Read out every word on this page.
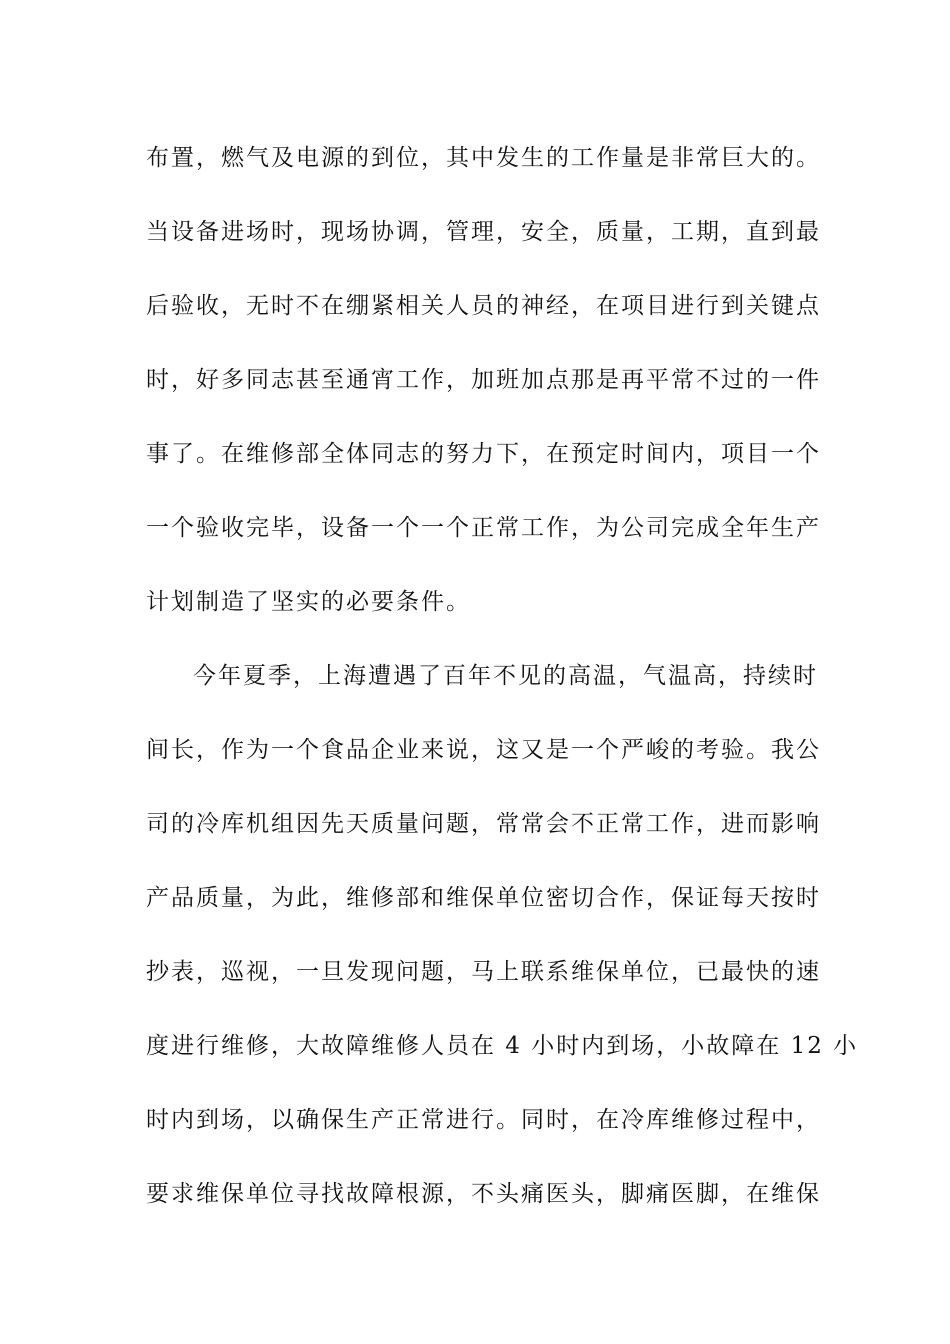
布置，燃气及电源的到位，其中发生的工作量是非常巨大的。
当设备进场时，现场协调，管理，安全，质量，工期，直到最
后验收，无时不在绷紧相关人员的神经，在项目进行到关键点
时，好多同志甚至通宵工作，加班加点那是再平常不过的一件
事了。在维修部全体同志的努力下，在预定时间内，项目一个
一个验收完毕，设备一个一个正常工作，为公司完成全年生产
计划制造了坚实的必要条件。
今年夏季，上海遭遇了百年不见的高温，气温高，持续时
间长，作为一个食品企业来说，这又是一个严峻的考验。我公
司的冷库机组因先天质量问题，常常会不正常工作，进而影响
产品质量，为此，维修部和维保单位密切合作，保证每天按时
抄表，巡视，一旦发现问题，马上联系维保单位，已最快的速
度进行维修，大故障维修人员在 4 小时内到场，小故障在 12 小
时内到场，以确保生产正常进行。同时，在冷库维修过程中，
要求维保单位寻找故障根源，不头痛医头，脚痛医脚，在维保
